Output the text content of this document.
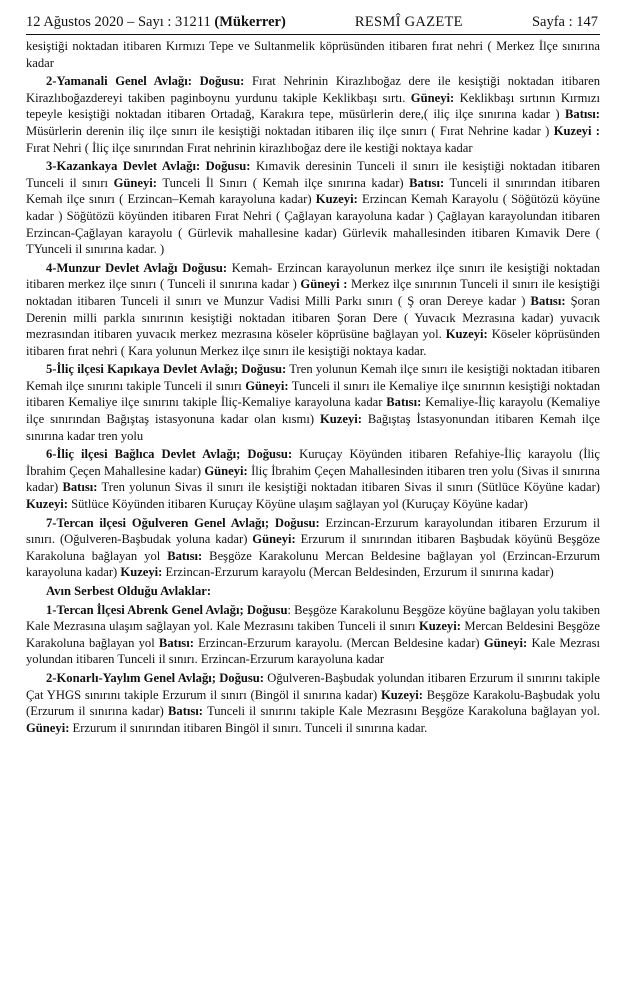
12 Ağustos 2020 – Sayı : 31211 (Mükerrer)	RESMÎ GAZETE	Sayfa : 147

kesiştiği noktadan itibaren Kırmızı Tepe ve Sultanmelik köprüsünden itibaren fırat nehri ( Merkez İlçe sınırına kadar

2-Yamanali Genel Avlağı: Doğusu: Fırat Nehrinin Kirazlıboğaz dere ile kesiştiği noktadan itibaren Kirazlıboğazdereyi takiben paginboynu yurdunu takiple Keklikbaşı sırtı. Güneyi: Keklikbaşı sırtının Kırmızı tepeyle kesiştiği noktadan itibaren Ortadağ, Karakıra tepe, müsürlerin dere,( iliç ilçe sınırına kadar ) Batısı: Müsürlerin derenin iliç ilçe sınırı ile kesiştiği noktadan itibaren iliç ilçe sınırı ( Fırat Nehrine kadar ) Kuzeyi : Fırat Nehri ( İliç ilçe sınırından Fırat nehrinin kirazlıboğaz dere ile kestiği noktaya kadar

3-Kazankaya Devlet Avlağı: Doğusu: Kımavik deresinin Tunceli il sınırı ile kesiştiği noktadan itibaren Tunceli il sınırı Güneyi: Tunceli İl Sınırı ( Kemah ilçe sınırına kadar) Batısı: Tunceli il sınırından itibaren Kemah ilçe sınırı ( Erzincan–Kemah karayoluna kadar) Kuzeyi: Erzincan Kemah Karayolu ( Söğütözü köyüne kadar ) Söğütözü köyünden itibaren Fırat Nehri ( Çağlayan karayoluna kadar ) Çağlayan karayolundan itibaren Erzincan-Çağlayan karayolu ( Gürlevik mahallesine kadar) Gürlevik mahallesinden itibaren Kımavik Dere ( TYunceli il sınırına kadar. )

4-Munzur Devlet Avlağı Doğusu: Kemah- Erzincan karayolunun merkez ilçe sınırı ile kesiştiği noktadan itibaren merkez ilçe sınırı ( Tunceli il sınırına kadar ) Güneyi : Merkez ilçe sınırının Tunceli il sınırı ile kesiştiği noktadan itibaren Tunceli il sınırı ve Munzur Vadisi Milli Parkı sınırı ( Ş oran Dereye kadar ) Batısı: Şoran Derenin milli parkla sınırının kesiştiği noktadan itibaren Şoran Dere ( Yuvacık Mezrasına kadar) yuvacık mezrasından itibaren yuvacık merkez mezrasına köseler köprüsüne bağlayan yol. Kuzeyi: Köseler köprüsünden itibaren fırat nehri ( Kara yolunun Merkez ilçe sınırı ile kesiştiği noktaya kadar.

5-İliç ilçesi Kapıkaya Devlet Avlağı; Doğusu: Tren yolunun Kemah ilçe sınırı ile kesiştiği noktadan itibaren Kemah ilçe sınırını takiple Tunceli il sınırı Güneyi: Tunceli il sınırı ile Kemaliye ilçe sınırının kesiştiği noktadan itibaren Kemaliye ilçe sınırını takiple İliç-Kemaliye karayoluna kadar Batısı: Kemaliye-İliç karayolu (Kemaliye ilçe sınırından Bağıştaş istasyonuna kadar olan kısmı) Kuzeyi: Bağıştaş İstasyonundan itibaren Kemah ilçe sınırına kadar tren yolu

6-İliç ilçesi Bağlıca Devlet Avlağı; Doğusu: Kuruçay Köyünden itibaren Refahiye-İliç karayolu (İliç İbrahim Çeçen Mahallesine kadar) Güneyi: İliç İbrahim Çeçen Mahallesinden itibaren tren yolu (Sivas il sınırına kadar) Batısı: Tren yolunun Sivas il sınırı ile kesiştiği noktadan itibaren Sivas il sınırı (Sütlüce Köyüne kadar) Kuzeyi: Sütlüce Köyünden itibaren Kuruçay Köyüne ulaşım sağlayan yol (Kuruçay Köyüne kadar)

7-Tercan ilçesi Oğulveren Genel Avlağı; Doğusu: Erzincan-Erzurum karayolundan itibaren Erzurum il sınırı. (Oğulveren-Başbudak yoluna kadar) Güneyi: Erzurum il sınırından itibaren Başbudak köyünü Beşgöze Karakoluna bağlayan yol Batısı: Beşgöze Karakolunu Mercan Beldesine bağlayan yol (Erzincan-Erzurum karayoluna kadar) Kuzeyi: Erzincan-Erzurum karayolu (Mercan Beldesinden, Erzurum il sınırına kadar)

Avın Serbest Olduğu Avlaklar:

1-Tercan İlçesi Abrenk Genel Avlağı; Doğusu: Beşgöze Karakolunu Beşgöze köyüne bağlayan yolu takiben Kale Mezrasına ulaşım sağlayan yol. Kale Mezrasını takiben Tunceli il sınırı Kuzeyi: Mercan Beldesini Beşgöze Karakoluna bağlayan yol Batısı: Erzincan-Erzurum karayolu. (Mercan Beldesine kadar) Güneyi: Kale Mezrası yolundan itibaren Tunceli il sınırı. Erzincan-Erzurum karayoluna kadar

2-Konarlı-Yaylım Genel Avlağı; Doğusu: Oğulveren-Başbudak yolundan itibaren Erzurum il sınırını takiple Çat YHGS sınırını takiple Erzurum il sınırı (Bingöl il sınırına kadar) Kuzeyi: Beşgöze Karakolu-Başbudak yolu (Erzurum il sınırına kadar) Batısı: Tunceli il sınırını takiple Kale Mezrasını Beşgöze Karakoluna bağlayan yol. Güneyi: Erzurum il sınırından itibaren Bingöl il sınırı. Tunceli il sınırına kadar.
